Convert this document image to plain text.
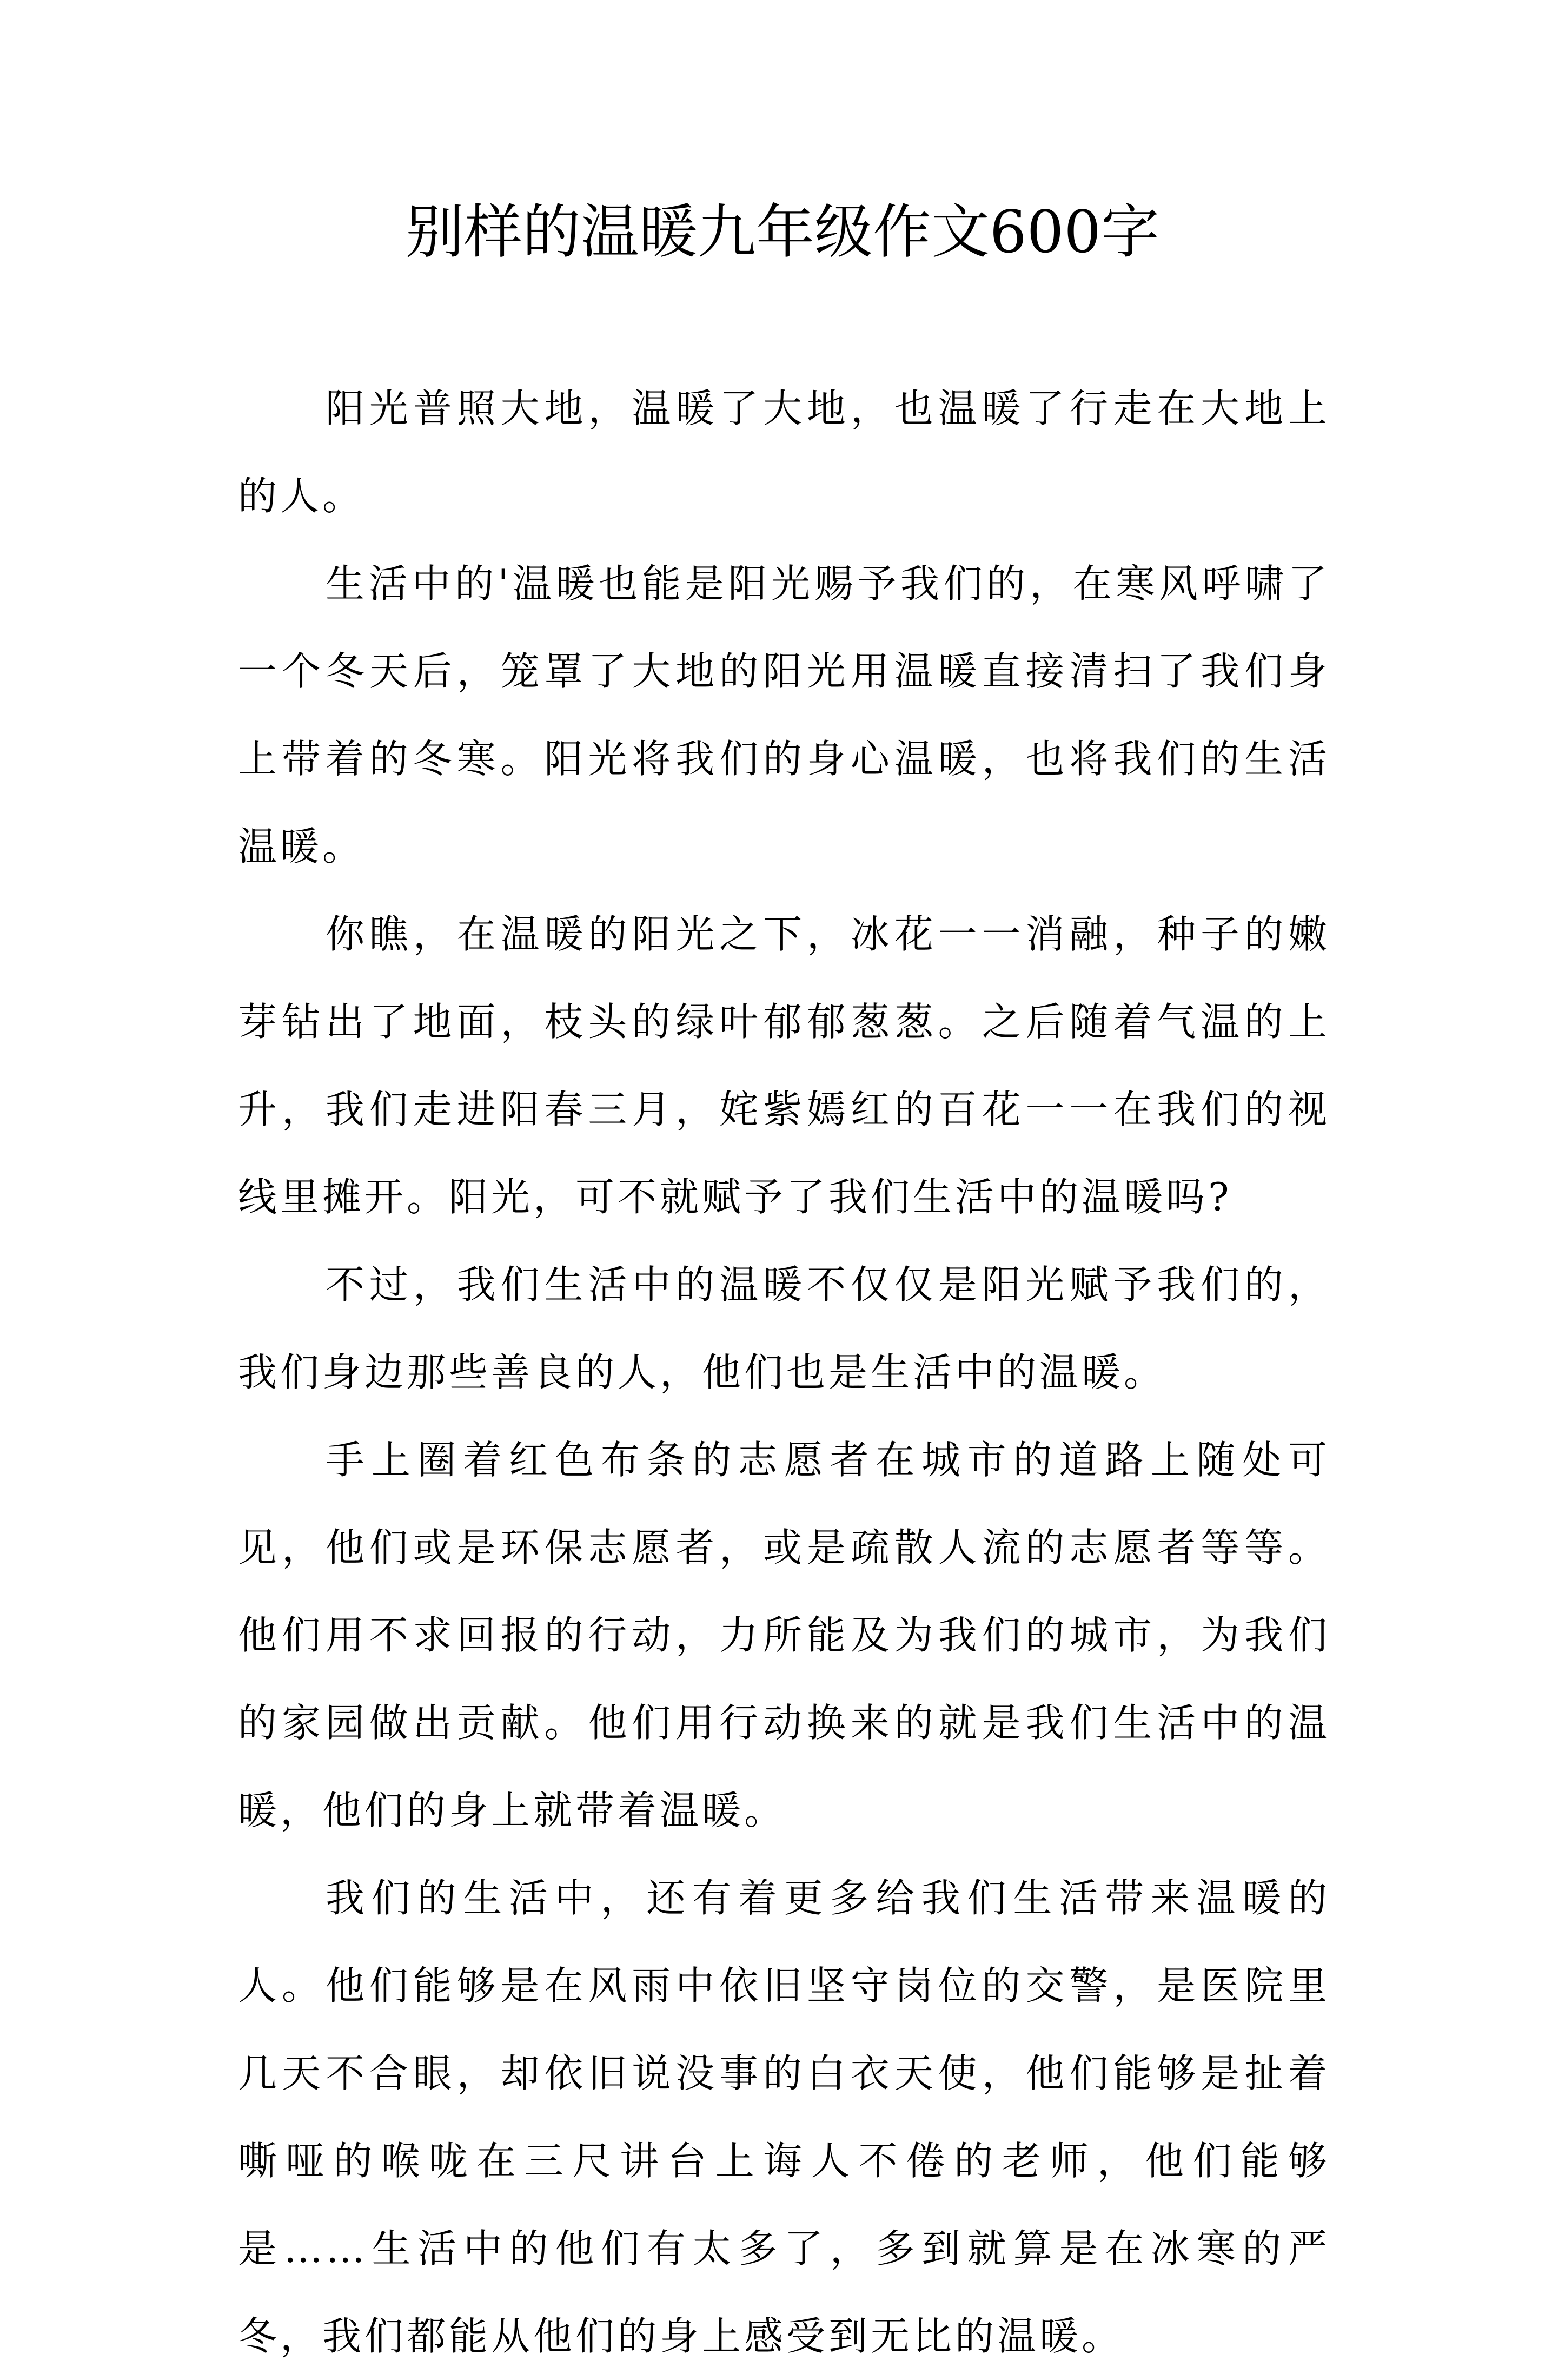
别样的温暖九年级作文600字

阳光普照大地，温暖了大地，也温暖了行走在大地上的人。

生活中的'温暖也能是阳光赐予我们的，在寒风呼啸了一个冬天后，笼罩了大地的阳光用温暖直接清扫了我们身上带着的冬寒。阳光将我们的身心温暖，也将我们的生活温暖。

你瞧，在温暖的阳光之下，冰花一一消融，种子的嫩芽钻出了地面，枝头的绿叶郁郁葱葱。之后随着气温的上升，我们走进阳春三月，姹紫嫣红的百花一一在我们的视线里摊开。阳光，可不就赋予了我们生活中的温暖吗?

不过，我们生活中的温暖不仅仅是阳光赋予我们的，我们身边那些善良的人，他们也是生活中的温暖。

手上圈着红色布条的志愿者在城市的道路上随处可见，他们或是环保志愿者，或是疏散人流的志愿者等等。他们用不求回报的行动，力所能及为我们的城市，为我们的家园做出贡献。他们用行动换来的就是我们生活中的温暖，他们的身上就带着温暖。

我们的生活中，还有着更多给我们生活带来温暖的人。他们能够是在风雨中依旧坚守岗位的交警，是医院里几天不合眼，却依旧说没事的白衣天使，他们能够是扯着嘶哑的喉咙在三尺讲台上诲人不倦的老师，他们能够是……生活中的他们有太多了，多到就算是在冰寒的严冬，我们都能从他们的身上感受到无比的温暖。
